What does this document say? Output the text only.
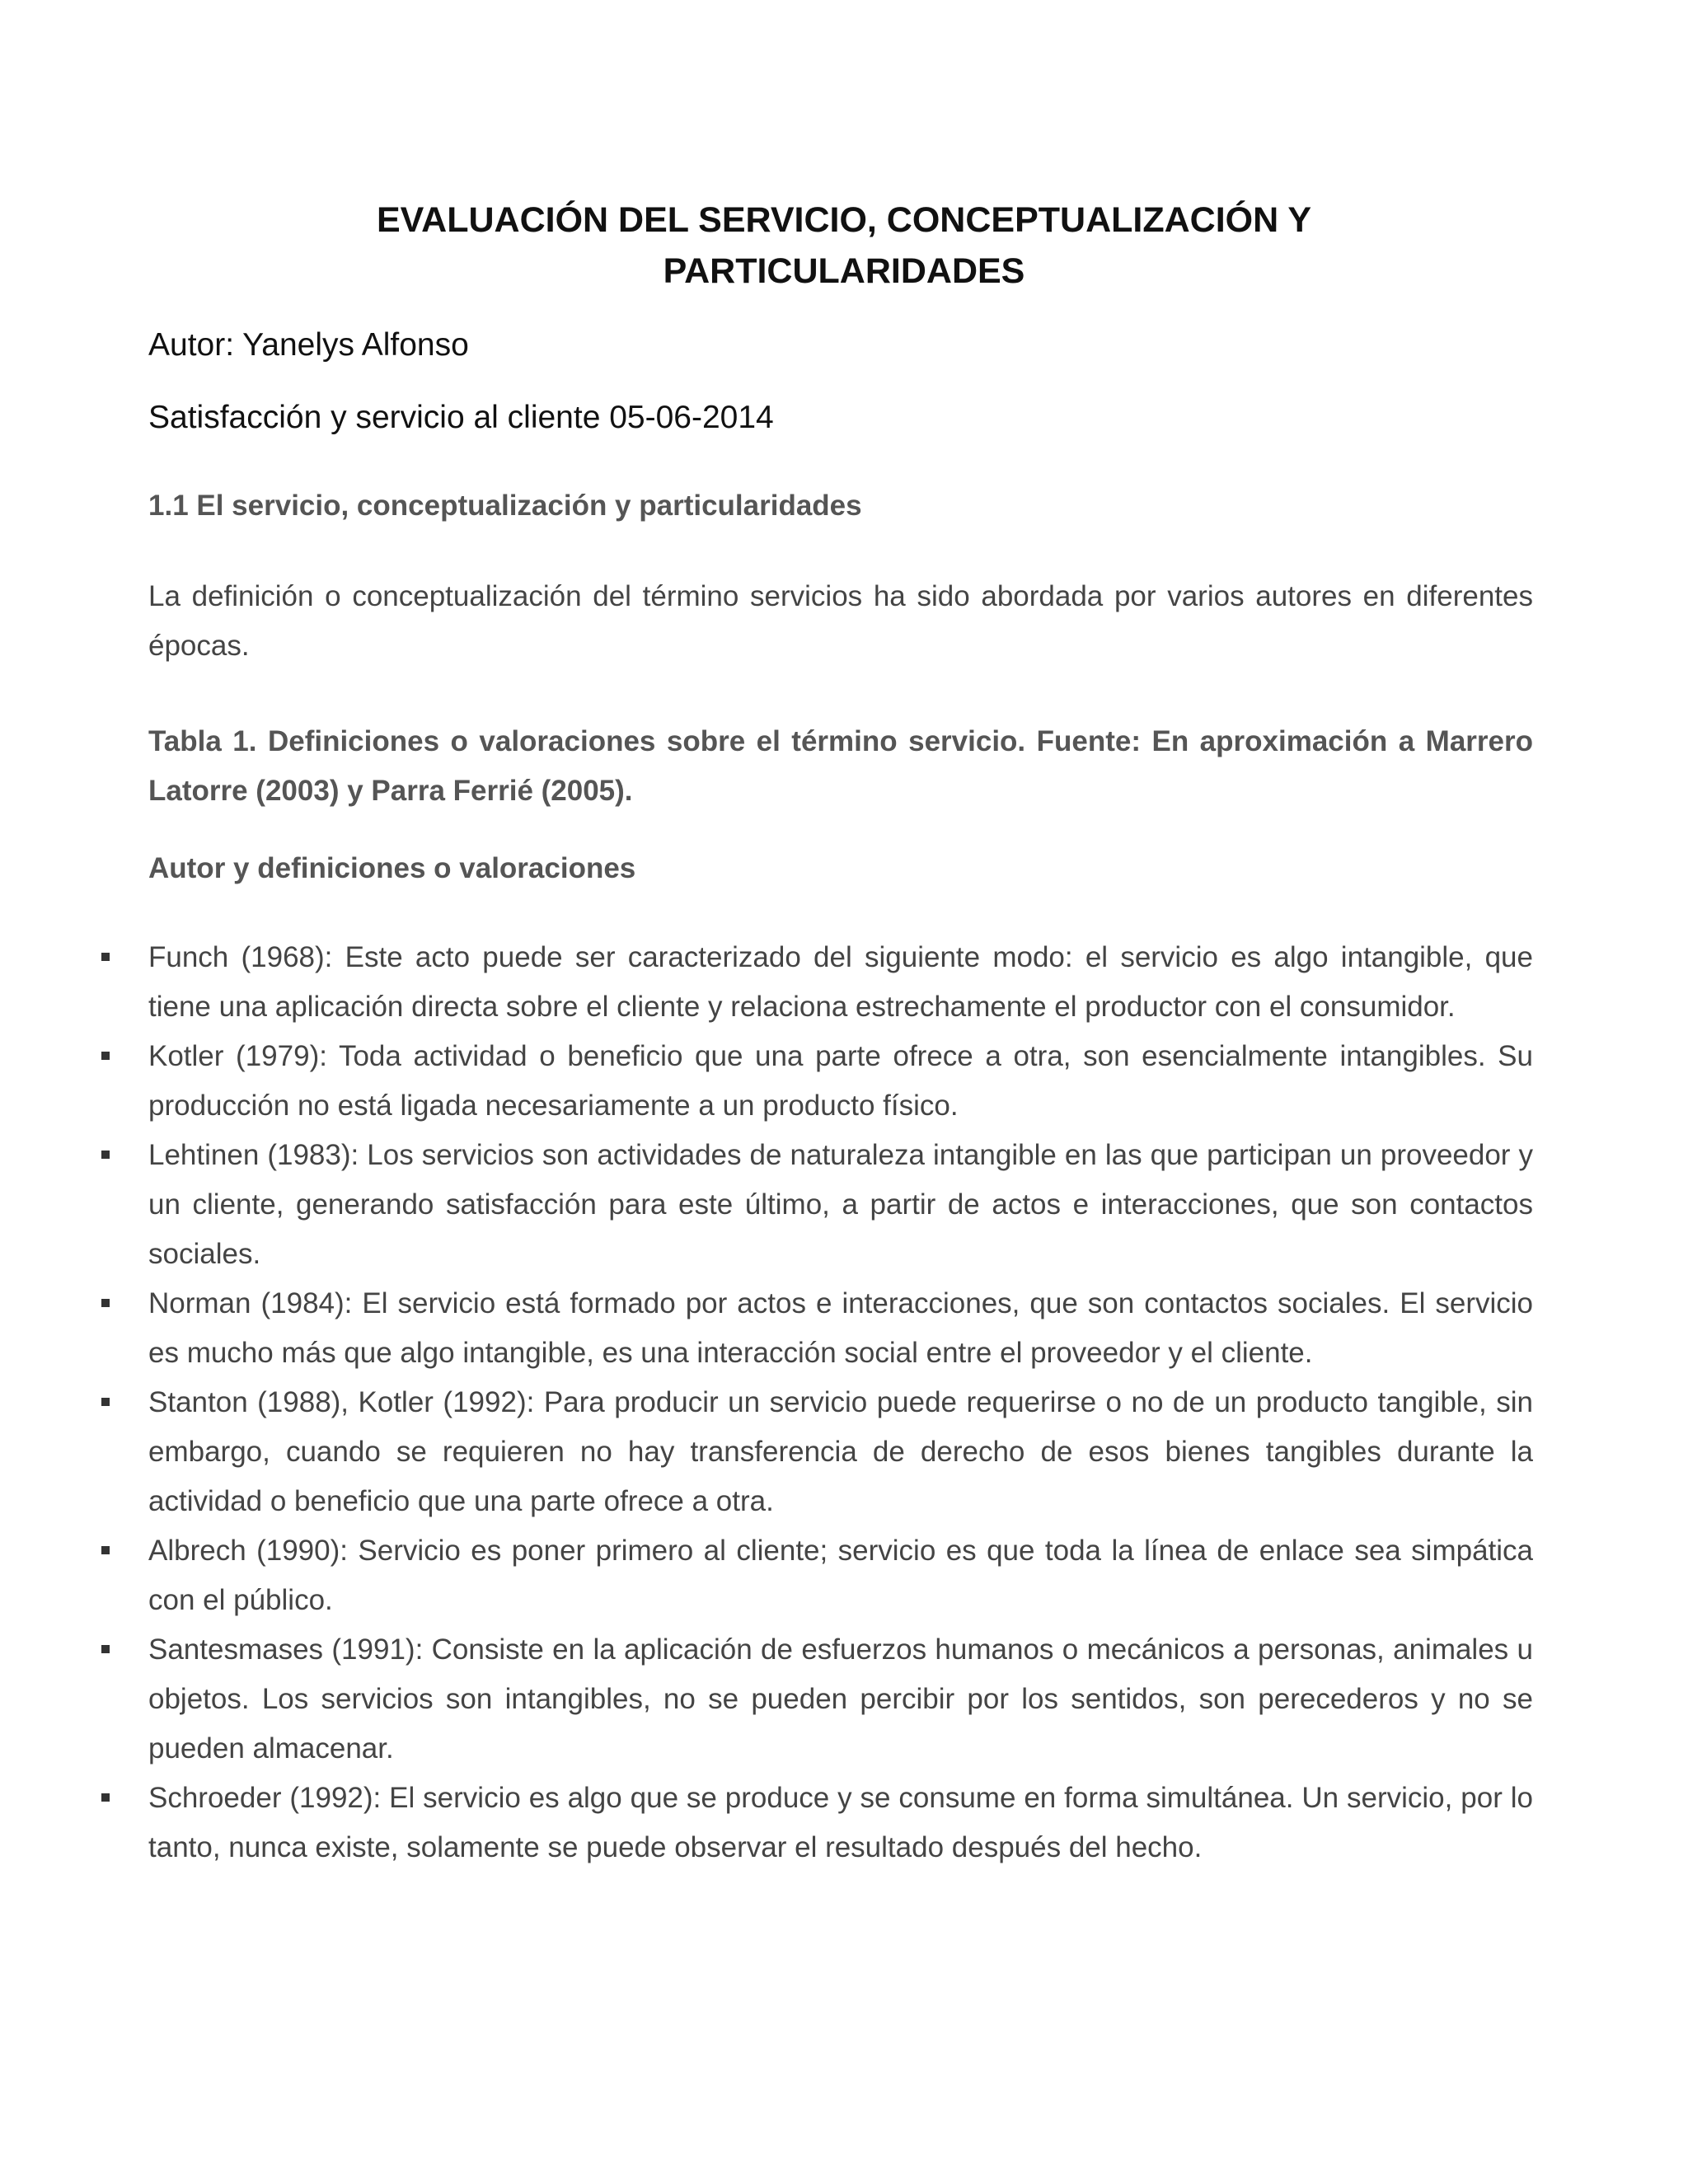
EVALUACIÓN DEL SERVICIO, CONCEPTUALIZACIÓN Y
PARTICULARIDADES

Autor: Yanelys Alfonso

Satisfacción y servicio al cliente 05-06-2014

1.1 El servicio, conceptualización y particularidades

La definición o conceptualización del término servicios ha sido abordada por varios autores en diferentes épocas.

Tabla 1. Definiciones o valoraciones sobre el término servicio. Fuente: En aproximación a Marrero Latorre (2003) y Parra Ferrié (2005).
Autor y definiciones o valoraciones
Funch (1968): Este acto puede ser caracterizado del siguiente modo: el servicio es algo intangible, que tiene una aplicación directa sobre el cliente y relaciona estrechamente el productor con el consumidor.
Kotler (1979): Toda actividad o beneficio que una parte ofrece a otra, son esencialmente intangibles. Su producción no está ligada necesariamente a un producto físico.
Lehtinen (1983): Los servicios son actividades de naturaleza intangible en las que participan un proveedor y un cliente, generando satisfacción para este último, a partir de actos e interacciones, que son contactos sociales.
Norman (1984): El servicio está formado por actos e interacciones, que son contactos sociales. El servicio es mucho más que algo intangible, es una interacción social entre el proveedor y el cliente.
Stanton (1988), Kotler (1992): Para producir un servicio puede requerirse o no de un producto tangible, sin embargo, cuando se requieren no hay transferencia de derecho de esos bienes tangibles durante la actividad o beneficio que una parte ofrece a otra.
Albrech (1990): Servicio es poner primero al cliente; servicio es que toda la línea de enlace sea simpática con el público.
Santesmases (1991): Consiste en la aplicación de esfuerzos humanos o mecánicos a personas, animales u objetos. Los servicios son intangibles, no se pueden percibir por los sentidos, son perecederos y no se pueden almacenar.
Schroeder (1992): El servicio es algo que se produce y se consume en forma simultánea. Un servicio, por lo tanto, nunca existe, solamente se puede observar el resultado después del hecho.
